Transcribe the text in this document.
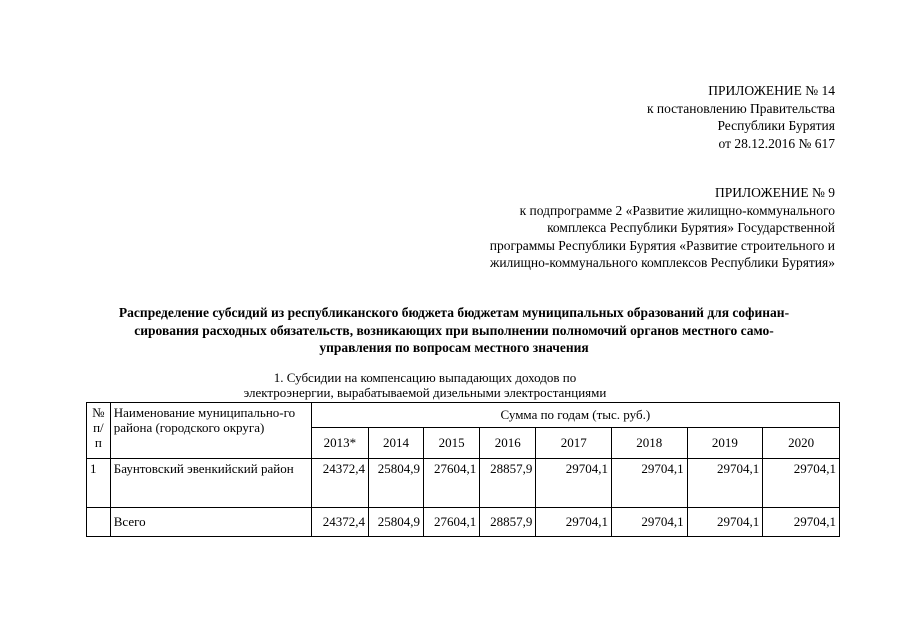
ПРИЛОЖЕНИЕ № 14
к постановлению Правительства
Республики Бурятия
от 28.12.2016 № 617
ПРИЛОЖЕНИЕ № 9
к подпрограмме 2 «Развитие жилищно-коммунального
комплекса Республики Бурятия» Государственной
программы Республики Бурятия «Развитие строительного и
жилищно-коммунального комплексов Республики Бурятия»
Распределение субсидий из республиканского бюджета бюджетам муниципальных образований для софинан-
сирования расходных обязательств, возникающих при выполнении полномочий органов местного само-
управления по вопросам местного значения
1. Субсидии на компенсацию выпадающих доходов по
электроэнергии, вырабатываемой дизельными электростанциями
№ п/п	Наименование муниципально-го района (городского округа)	Сумма по годам (тыс. руб.)							
		2013*	2014	2015	2016	2017	2018	2019	2020
1	Баунтовский эвенкийский район	24372,4	25804,9	27604,1	28857,9	29704,1	29704,1	29704,1	29704,1
	Всего	24372,4	25804,9	27604,1	28857,9	29704,1	29704,1	29704,1	29704,1
